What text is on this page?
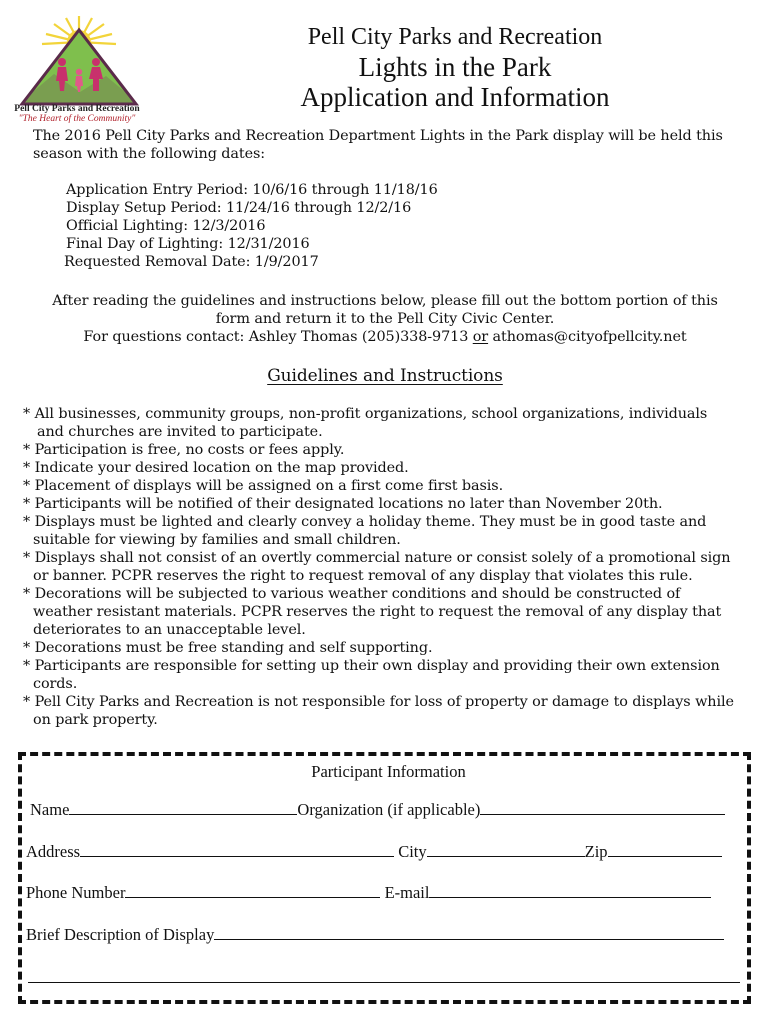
Pell City Parks and Recreation
"The Heart of the Community"
Pell City Parks and Recreation
Lights in the Park
Application and Information
The 2016 Pell City Parks and Recreation Department Lights in the Park display will be held this
season with the following dates:
Application Entry Period: 10/6/16 through 11/18/16
Display Setup Period: 11/24/16 through 12/2/16
Official Lighting: 12/3/2016
Final Day of Lighting: 12/31/2016
Requested Removal Date: 1/9/2017
After reading the guidelines and instructions below, please fill out the bottom portion of this
form and return it to the Pell City Civic Center.
For questions contact: Ashley Thomas (205)338-9713 or athomas@cityofpellcity.net
Guidelines and Instructions
* All businesses, community groups, non-profit organizations, school organizations, individuals
and churches are invited to participate.
* Participation is free, no costs or fees apply.
* Indicate your desired location on the map provided.
* Placement of displays will be assigned on a first come first basis.
* Participants will be notified of their designated locations no later than November 20th.
* Displays must be lighted and clearly convey a holiday theme. They must be in good taste and
suitable for viewing by families and small children.
* Displays shall not consist of an overtly commercial nature or consist solely of a promotional sign
or banner. PCPR reserves the right to request removal of any display that violates this rule.
* Decorations will be subjected to various weather conditions and should be constructed of
weather resistant materials. PCPR reserves the right to request the removal of any display that
deteriorates to an unacceptable level.
* Decorations must be free standing and self supporting.
* Participants are responsible for setting up their own display and providing their own extension
cords.
* Pell City Parks and Recreation is not responsible for loss of property or damage to displays while
on park property.
Participant Information
Name	Organization (if applicable)
Address	City	Zip
Phone Number	E-mail
Brief Description of Display
